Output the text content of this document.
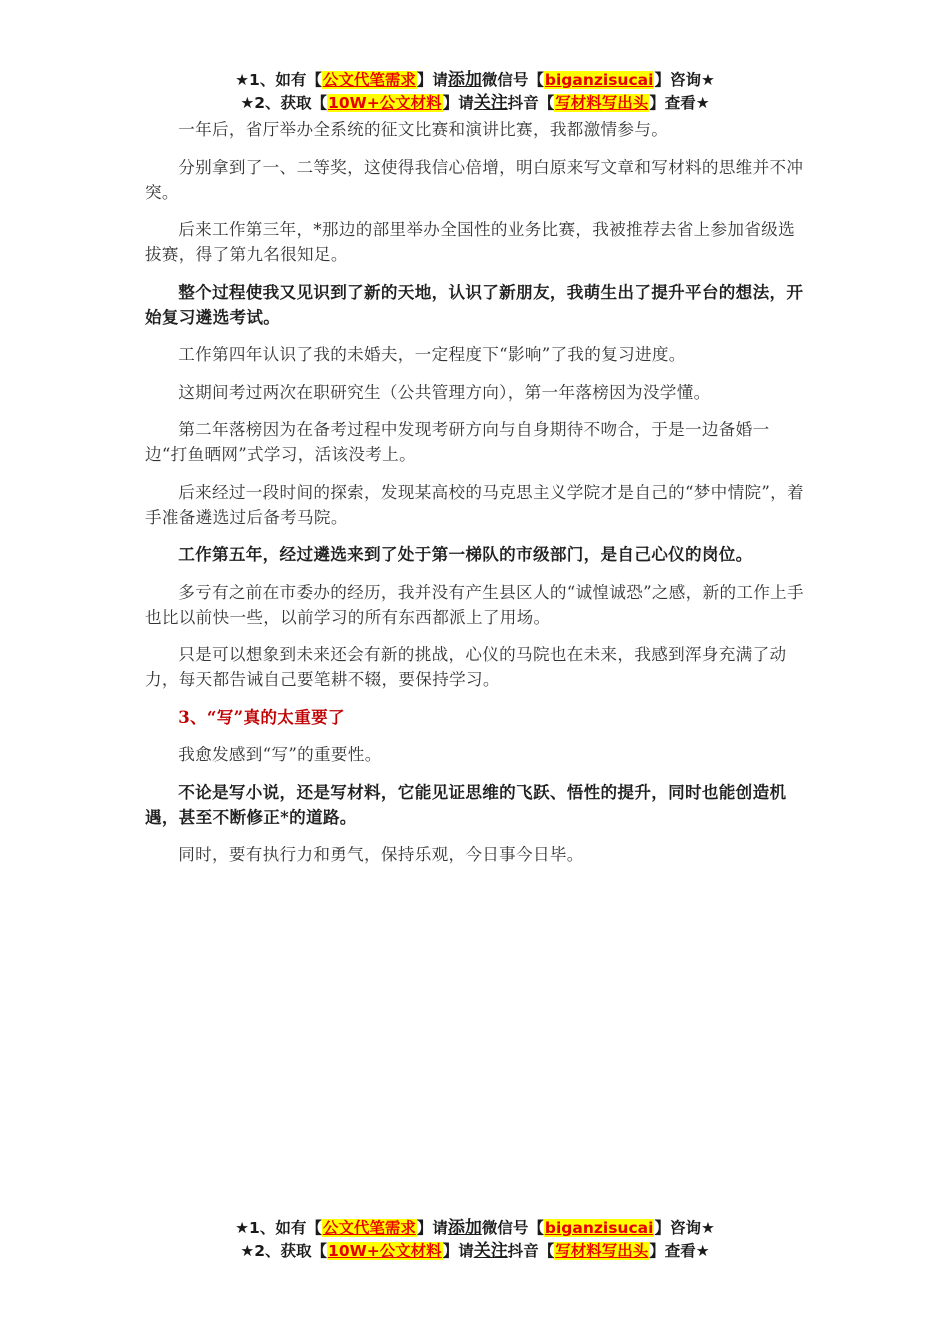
★1、如有【公文代笔需求】请添加微信号【biganzisucai】咨询★
★2、获取【10W+公文材料】请关注抖音【写材料写出头】查看★

一年后，省厅举办全系统的征文比赛和演讲比赛，我都激情参与。

分别拿到了一、二等奖，这使得我信心倍增，明白原来写文章和写材料的思维并不冲突。

后来工作第三年，*那边的部里举办全国性的业务比赛，我被推荐去省上参加省级选拔赛，得了第九名很知足。

整个过程使我又见识到了新的天地，认识了新朋友，我萌生出了提升平台的想法，开始复习遴选考试。

工作第四年认识了我的未婚夫，一定程度下“影响”了我的复习进度。

这期间考过两次在职研究生（公共管理方向），第一年落榜因为没学懂。

第二年落榜因为在备考过程中发现考研方向与自身期待不吻合，于是一边备婚一边“打鱼晒网”式学习，活该没考上。

后来经过一段时间的探索，发现某高校的马克思主义学院才是自己的“梦中情院”，着手准备遴选过后备考马院。

工作第五年，经过遴选来到了处于第一梯队的市级部门，是自己心仪的岗位。

多亏有之前在市委办的经历，我并没有产生县区人的“诚惶诚恐”之感，新的工作上手也比以前快一些，以前学习的所有东西都派上了用场。

只是可以想象到未来还会有新的挑战，心仪的马院也在未来，我感到浑身充满了动力，每天都告诫自己要笔耕不辍，要保持学习。

3、“写”真的太重要了

我愈发感到“写”的重要性。

不论是写小说，还是写材料，它能见证思维的飞跃、悟性的提升，同时也能创造机遇，甚至不断修正*的道路。

同时，要有执行力和勇气，保持乐观，今日事今日毕。

★1、如有【公文代笔需求】请添加微信号【biganzisucai】咨询★
★2、获取【10W+公文材料】请关注抖音【写材料写出头】查看★
